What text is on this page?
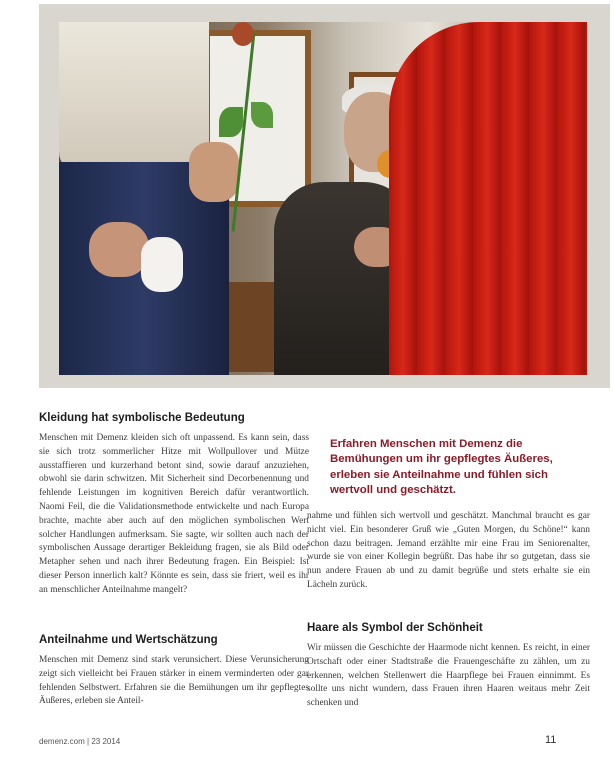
Kleidung hat symbolische Bedeutung

Menschen mit Demenz kleiden sich oft unpassend. Es kann sein, dass sie sich trotz sommerlicher Hitze mit Wollpullover und Mütze ausstaffieren und kurzerhand betont sind, sowie darauf anzuziehen, obwohl sie darin schwitzen. Mit Sicherheit sind Decorbenennung und fehlende Leistungen im kognitiven Bereich dafür verantwortlich. Naomi Feil, die die Validationsmethode entwickelte und nach Europa brachte, machte aber auch auf den möglichen symbolischen Wert solcher Handlungen aufmerksam. Sie sagte, wir sollten auch nach der symbolischen Aussage derartiger Bekleidung fragen, sie als Bild oder Metapher sehen und nach ihrer Bedeutung fragen. Ein Beispiel: Ist dieser Person innerlich kalt? Könnte es sein, dass sie friert, weil es ihr an menschlicher Anteilnahme mangelt?

Anteilnahme und Wertschätzung

Menschen mit Demenz sind stark verunsichert. Diese Verunsicherung zeigt sich vielleicht bei Frauen stärker in einem verminderten oder gar fehlenden Selbstwert. Erfahren sie die Bemühungen um ihr gepflegtes Äußeres, erleben sie Anteil-

Erfahren Menschen mit Demenz die Bemühungen um ihr gepflegtes Äußeres, erleben sie Anteilnahme und fühlen sich wertvoll und geschätzt.

nahme und fühlen sich wertvoll und geschätzt. Manchmal braucht es gar nicht viel. Ein besonderer Gruß wie „Guten Morgen, du Schöne!“ kann schon dazu beitragen. Jemand erzählte mir eine Frau im Seniorenalter, wurde sie von einer Kollegin begrüßt. Das habe ihr so gutgetan, dass sie nun andere Frauen ab und zu damit begrüße und stets erhalte sie ein Lächeln zurück.

Haare als Symbol der Schönheit

Wir müssen die Geschichte der Haarmode nicht kennen. Es reicht, in einer Ortschaft oder einer Stadtstraße die Frauengeschäfte zu zählen, um zu erkennen, welchen Stellenwert die Haarpflege bei Frauen einnimmt. Es sollte uns nicht wundern, dass Frauen ihren Haaren weitaus mehr Zeit schenken und

demenz.com | 23 2014	11
